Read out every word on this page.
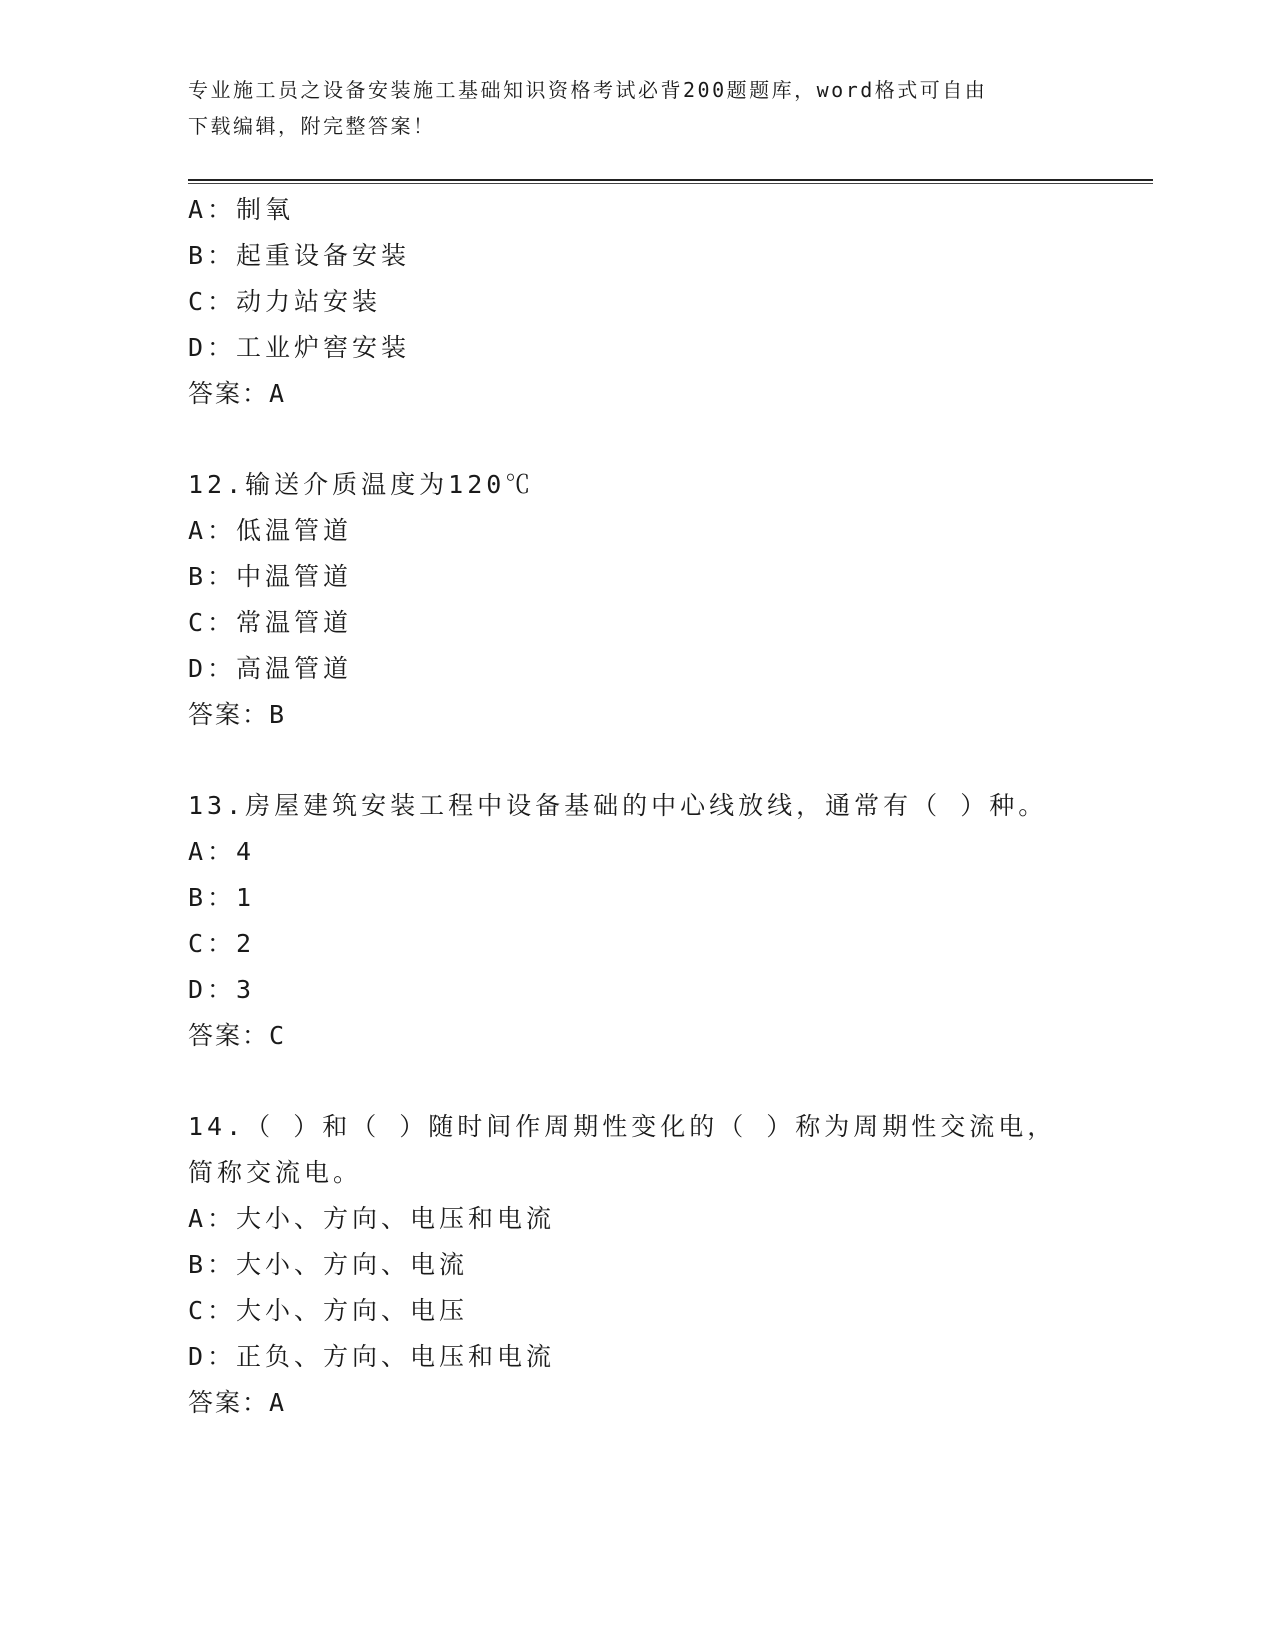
专业施工员之设备安装施工基础知识资格考试必背200题题库，word格式可自由
下载编辑，附完整答案！
A：制氧
B：起重设备安装
C：动力站安装
D：工业炉窖安装
答案：A
12.输送介质温度为120℃
A：低温管道
B：中温管道
C：常温管道
D：高温管道
答案：B
13.房屋建筑安装工程中设备基础的中心线放线，通常有（ ）种。
A：4
B：1
C：2
D：3
答案：C
14.（ ）和（ ）随时间作周期性变化的（ ）称为周期性交流电，简称交流电。
A：大小、方向、电压和电流
B：大小、方向、电流
C：大小、方向、电压
D：正负、方向、电压和电流
答案：A
